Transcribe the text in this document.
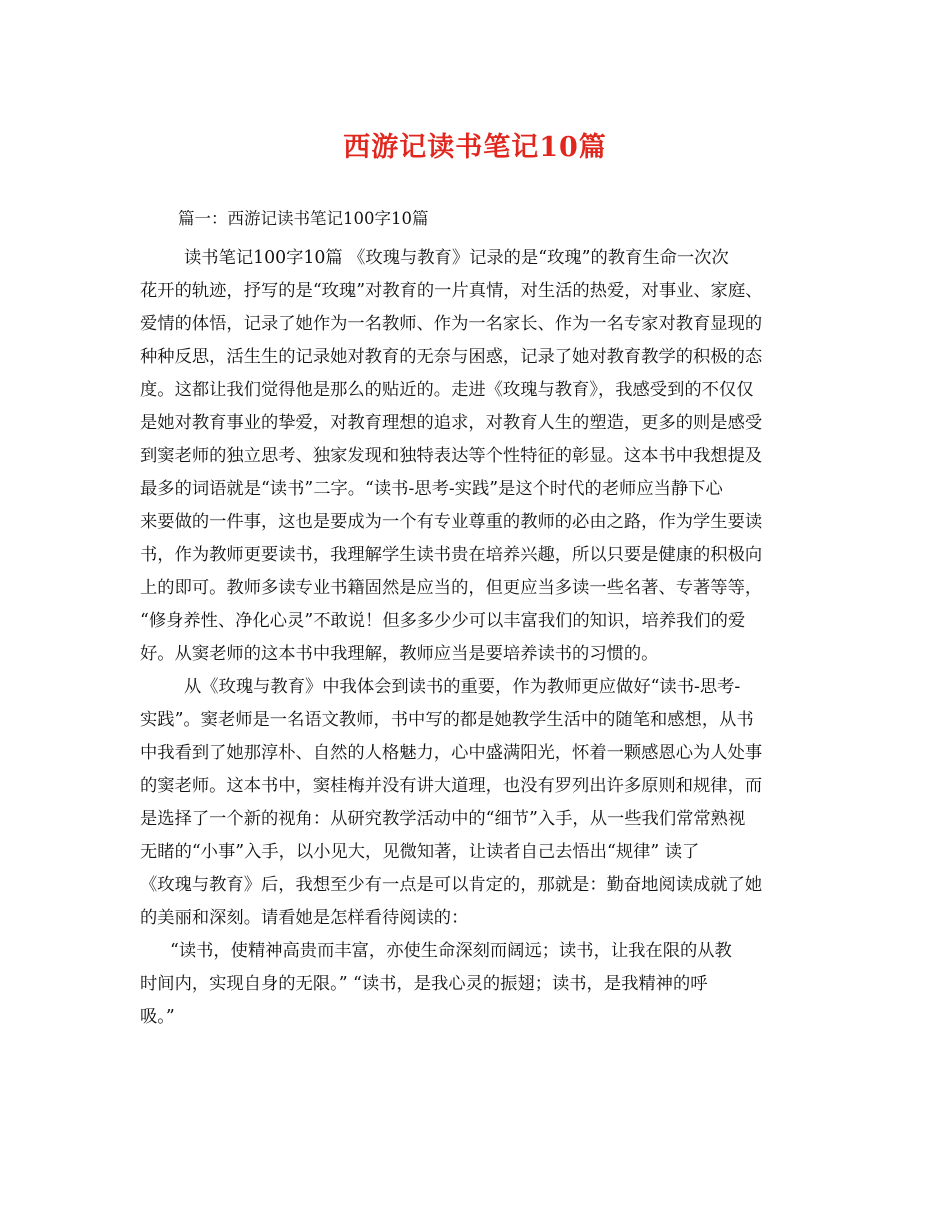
西游记读书笔记10篇
篇一：西游记读书笔记100字10篇
读书笔记100字10篇 《玫瑰与教育》记录的是“玫瑰”的教育生命一次次
花开的轨迹，抒写的是“玫瑰”对教育的一片真情，对生活的热爱，对事业、家庭、
爱情的体悟，记录了她作为一名教师、作为一名家长、作为一名专家对教育显现的
种种反思，活生生的记录她对教育的无奈与困惑，记录了她对教育教学的积极的态
度。这都让我们觉得他是那么的贴近的。走进《玫瑰与教育》，我感受到的不仅仅
是她对教育事业的挚爱，对教育理想的追求，对教育人生的塑造，更多的则是感受
到窦老师的独立思考、独家发现和独特表达等个性特征的彰显。这本书中我想提及
最多的词语就是“读书”二字。“读书-思考-实践”是这个时代的老师应当静下心
来要做的一件事，这也是要成为一个有专业尊重的教师的必由之路，作为学生要读
书，作为教师更要读书，我理解学生读书贵在培养兴趣，所以只要是健康的积极向
上的即可。教师多读专业书籍固然是应当的，但更应当多读一些名著、专著等等，
“修身养性、净化心灵”不敢说！但多多少少可以丰富我们的知识，培养我们的爱
好。从窦老师的这本书中我理解，教师应当是要培养读书的习惯的。
从《玫瑰与教育》中我体会到读书的重要，作为教师更应做好“读书-思考-
实践”。窦老师是一名语文教师，书中写的都是她教学生活中的随笔和感想，从书
中我看到了她那淳朴、自然的人格魅力，心中盛满阳光，怀着一颗感恩心为人处事
的窦老师。这本书中，窦桂梅并没有讲大道理，也没有罗列出许多原则和规律，而
是选择了一个新的视角：从研究教学活动中的“细节”入手，从一些我们常常熟视
无睹的“小事”入手，以小见大，见微知著，让读者自己去悟出“规律” 读了
《玫瑰与教育》后，我想至少有一点是可以肯定的，那就是：勤奋地阅读成就了她
的美丽和深刻。请看她是怎样看待阅读的：
“读书，使精神高贵而丰富，亦使生命深刻而阔远；读书，让我在限的从教
时间内，实现自身的无限。” “读书，是我心灵的振翅；读书，是我精神的呼
吸。”
